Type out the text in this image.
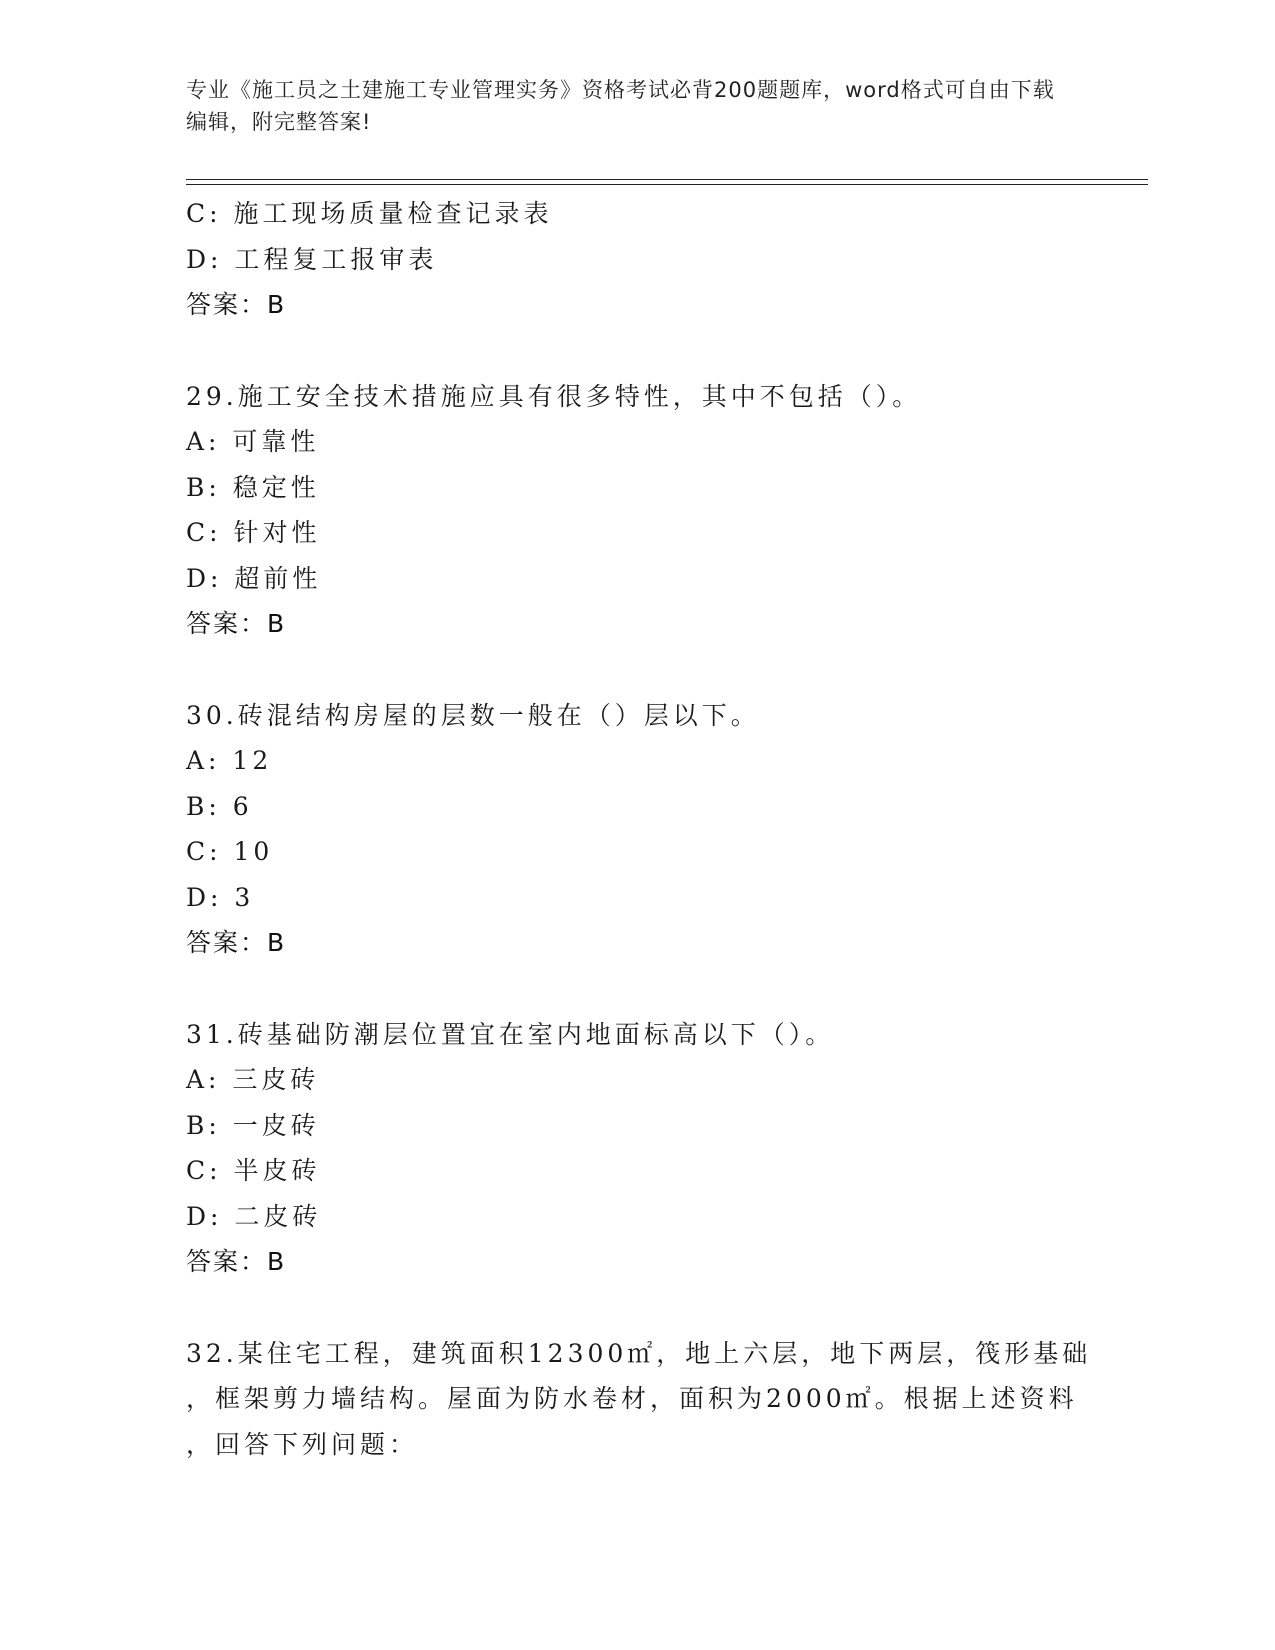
专业《施工员之土建施工专业管理实务》资格考试必背200题题库，word格式可自由下载编辑，附完整答案!
C: 施工现场质量检查记录表
D: 工程复工报审表
答案：B
29.施工安全技术措施应具有很多特性，其中不包括（）。
A: 可靠性
B: 稳定性
C: 针对性
D: 超前性
答案：B
30.砖混结构房屋的层数一般在（）层以下。
A: 12
B: 6
C: 10
D: 3
答案：B
31.砖基础防潮层位置宜在室内地面标高以下（）。
A: 三皮砖
B: 一皮砖
C: 半皮砖
D: 二皮砖
答案：B
32.某住宅工程，建筑面积12300㎡，地上六层，地下两层，筏形基础
，框架剪力墙结构。屋面为防水卷材，面积为2000㎡。根据上述资料
，回答下列问题：
